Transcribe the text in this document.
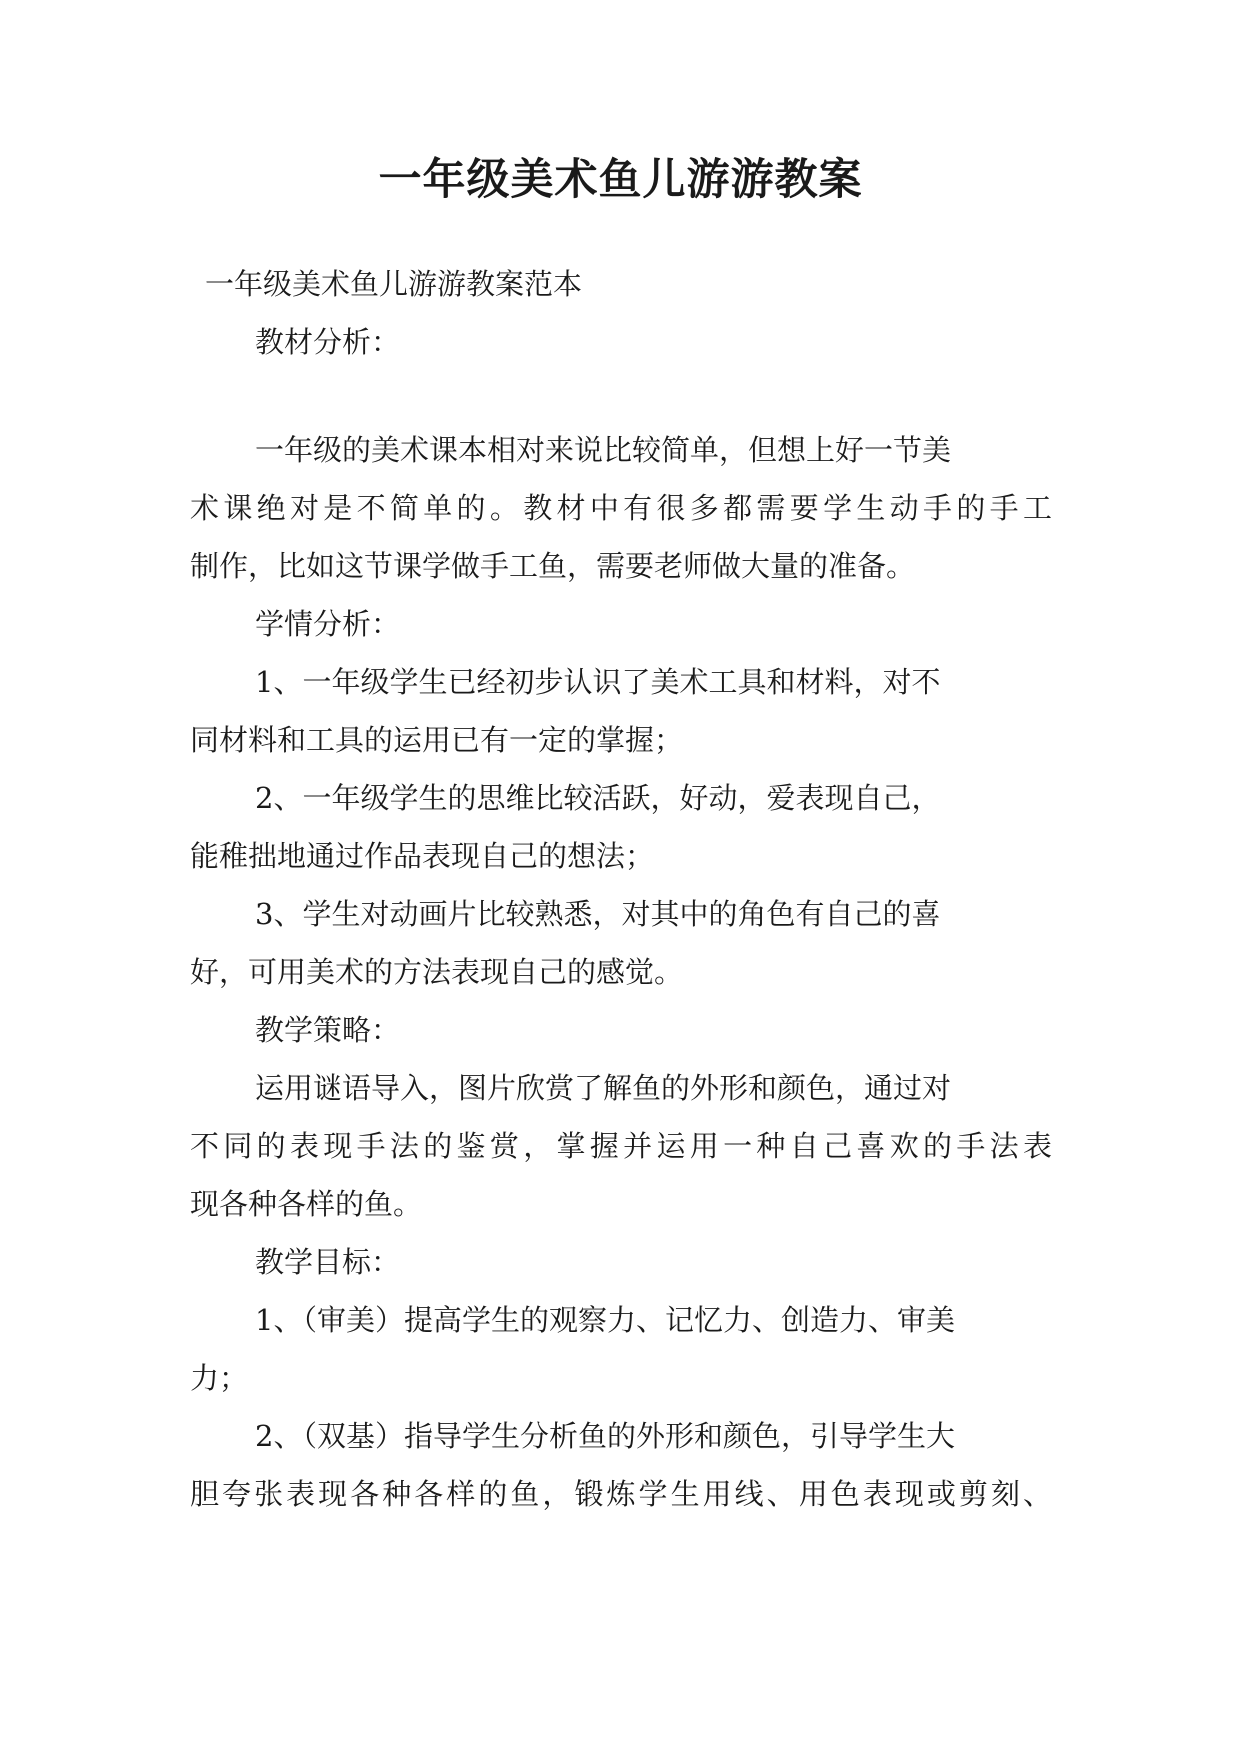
一年级美术鱼儿游游教案

一年级美术鱼儿游游教案范本

教材分析：

一年级的美术课本相对来说比较简单，但想上好一节美

术课绝对是不简单的。教材中有很多都需要学生动手的手工

制作，比如这节课学做手工鱼，需要老师做大量的准备。

学情分析：

1、一年级学生已经初步认识了美术工具和材料，对不

同材料和工具的运用已有一定的掌握；

2、一年级学生的思维比较活跃，好动，爱表现自己，

能稚拙地通过作品表现自己的想法；

3、学生对动画片比较熟悉，对其中的角色有自己的喜

好，可用美术的方法表现自己的感觉。

教学策略：

运用谜语导入，图片欣赏了解鱼的外形和颜色，通过对

不同的表现手法的鉴赏，掌握并运用一种自己喜欢的手法表

现各种各样的鱼。

教学目标：

1、（审美）提高学生的观察力、记忆力、创造力、审美

力；

2、（双基）指导学生分析鱼的外形和颜色，引导学生大

胆夸张表现各种各样的鱼，锻炼学生用线、用色表现或剪刻、
